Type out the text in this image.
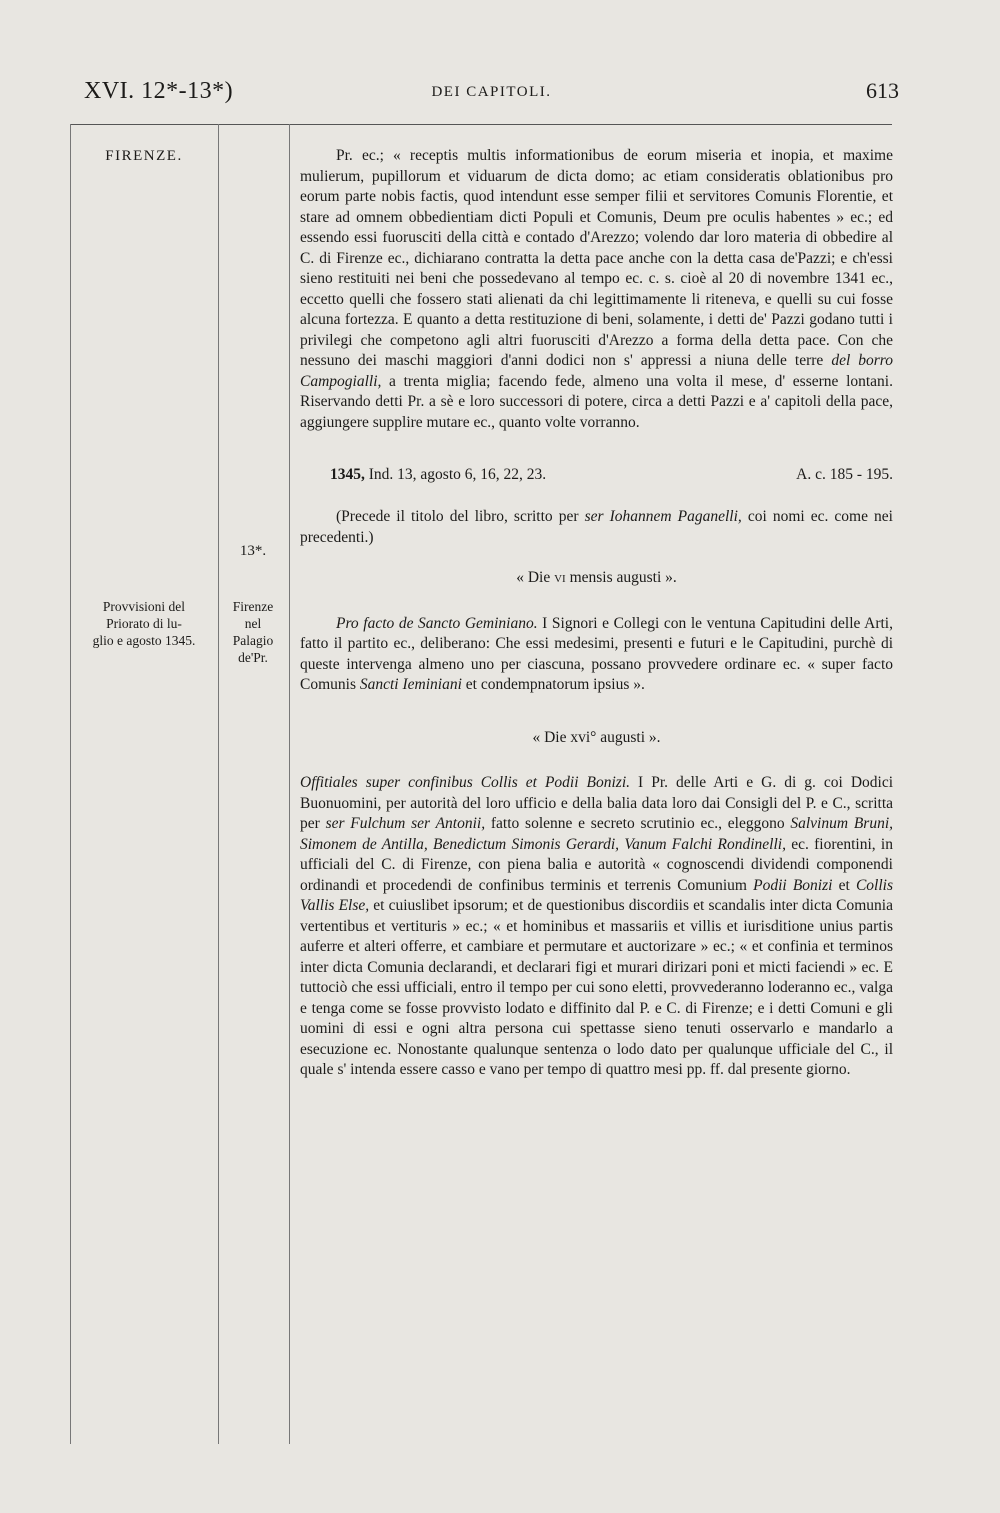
XVI. 12*-13*)	DEI CAPITOLI.	613
FIRENZE.
13*.
Provvisioni del
Priorato di lu-
glio e agosto 1345.
Firenze
nel
Palagio
de'Pr.

Pr. ec.; « receptis multis informationibus de eorum miseria et inopia, et maxime mulierum, pupillorum et viduarum de dicta domo; ac etiam consideratis oblationibus pro eorum parte nobis factis, quod intendunt esse semper filii et servitores Comunis Florentie, et stare ad omnem obbedientiam dicti Populi et Comunis, Deum pre oculis habentes » ec.; ed essendo essi fuorusciti della città e contado d'Arezzo; volendo dar loro materia di obbedire al C. di Firenze ec., dichiarano contratta la detta pace anche con la detta casa de'Pazzi; e ch'essi sieno restituiti nei beni che possedevano al tempo ec. c. s. cioè al 20 di novembre 1341 ec., eccetto quelli che fossero stati alienati da chi legittimamente li riteneva, e quelli su cui fosse alcuna fortezza. E quanto a detta restituzione di beni, solamente, i detti de' Pazzi godano tutti i privilegi che competono agli altri fuorusciti d'Arezzo a forma della detta pace. Con che nessuno dei maschi maggiori d'anni dodici non s' appressi a niuna delle terre del borro Campogialli, a trenta miglia; facendo fede, almeno una volta il mese, d' esserne lontani. Riservando detti Pr. a sè e loro successori di potere, circa a detti Pazzi e a' capitoli della pace, aggiungere supplire mutare ec., quanto volte vorranno.

1345, Ind. 13, agosto 6, 16, 22, 23.	A. c. 185 - 195.

(Precede il titolo del libro, scritto per ser Iohannem Paganelli, coi nomi ec. come nei precedenti.)

« Die vi mensis augusti ».

Pro facto de Sancto Geminiano. I Signori e Collegi con le ventuna Capitudini delle Arti, fatto il partito ec., deliberano: Che essi medesimi, presenti e futuri e le Capitudini, purchè di queste intervenga almeno uno per ciascuna, possano provvedere ordinare ec. « super facto Comunis Sancti Ieminiani et condempnatorum ipsius ».

« Die xvi° augusti ».

Offitiales super confinibus Collis et Podii Bonizi. I Pr. delle Arti e G. di g. coi Dodici Buonuomini, per autorità del loro ufficio e della balia data loro dai Consigli del P. e C., scritta per ser Fulchum ser Antonii, fatto solenne e secreto scrutinio ec., eleggono Salvinum Bruni, Simonem de Antilla, Benedictum Simonis Gerardi, Vanum Falchi Rondinelli, ec. fiorentini, in ufficiali del C. di Firenze, con piena balia e autorità « cognoscendi dividendi componendi ordinandi et procedendi de confinibus terminis et terrenis Comunium Podii Bonizi et Collis Vallis Else, et cuiuslibet ipsorum; et de questionibus discordiis et scandalis inter dicta Comunia vertentibus et vertituris » ec.; « et hominibus et massariis et villis et iurisditione unius partis auferre et alteri offerre, et cambiare et permutare et auctorizare » ec.; « et confinia et terminos inter dicta Comunia declarandi, et declarari figi et murari dirizari poni et micti faciendi » ec. E tuttociò che essi ufficiali, entro il tempo per cui sono eletti, provvederanno loderanno ec., valga e tenga come se fosse provvisto lodato e diffinito dal P. e C. di Firenze; e i detti Comuni e gli uomini di essi e ogni altra persona cui spettasse sieno tenuti osservarlo e mandarlo a esecuzione ec. Nonostante qualunque sentenza o lodo dato per qualunque ufficiale del C., il quale s' intenda essere casso e vano per tempo di quattro mesi pp. ff. dal presente giorno.
